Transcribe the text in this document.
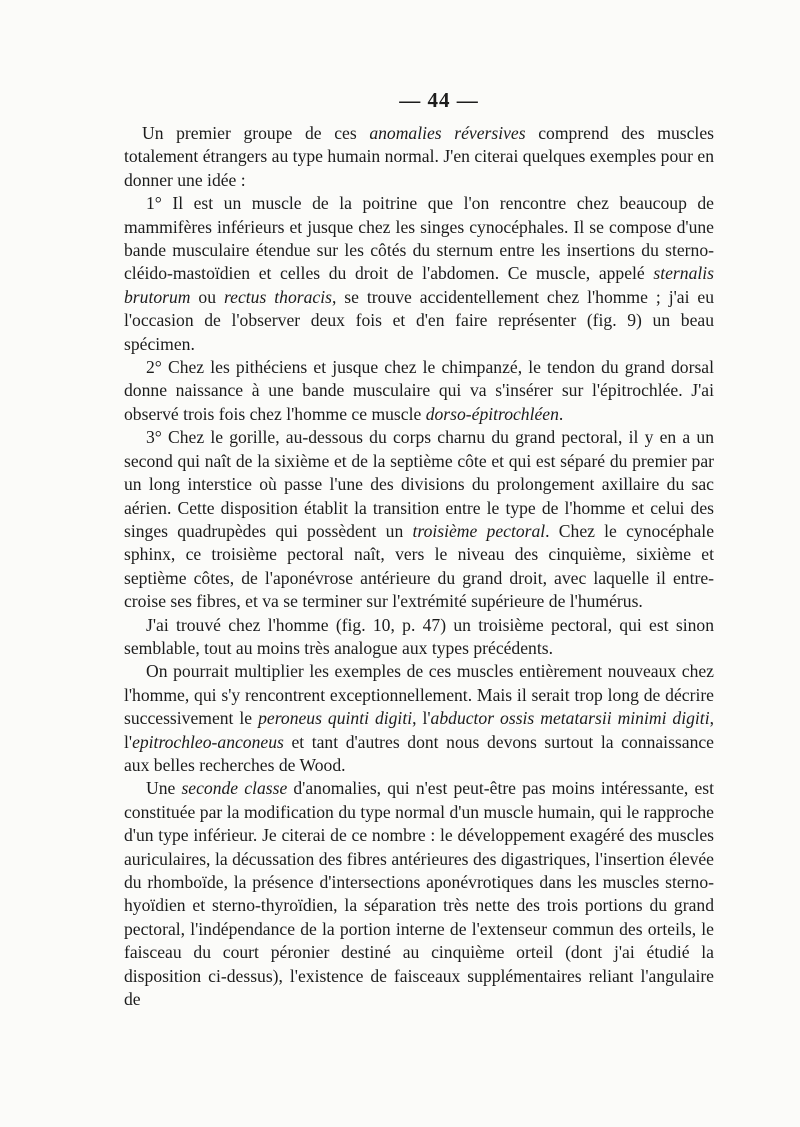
— 44 —

Un premier groupe de ces anomalies réversives comprend des muscles totalement étrangers au type humain normal. J'en citerai quelques exemples pour en donner une idée :

1° Il est un muscle de la poitrine que l'on rencontre chez beaucoup de mammifères inférieurs et jusque chez les singes cynocéphales. Il se compose d'une bande musculaire étendue sur les côtés du sternum entre les insertions du sterno-cléido-mastoïdien et celles du droit de l'abdomen. Ce muscle, appelé sternalis brutorum ou rectus thoracis, se trouve accidentellement chez l'homme ; j'ai eu l'occasion de l'observer deux fois et d'en faire représenter (fig. 9) un beau spécimen.

2° Chez les pithéciens et jusque chez le chimpanzé, le tendon du grand dorsal donne naissance à une bande musculaire qui va s'insérer sur l'épitrochlée. J'ai observé trois fois chez l'homme ce muscle dorso-épitrochléen.

3° Chez le gorille, au-dessous du corps charnu du grand pectoral, il y en a un second qui naît de la sixième et de la septième côte et qui est séparé du premier par un long interstice où passe l'une des divisions du prolongement axillaire du sac aérien. Cette disposition établit la transition entre le type de l'homme et celui des singes quadrupèdes qui possèdent un troisième pectoral. Chez le cynocéphale sphinx, ce troisième pectoral naît, vers le niveau des cinquième, sixième et septième côtes, de l'aponévrose antérieure du grand droit, avec laquelle il entre-croise ses fibres, et va se terminer sur l'extrémité supérieure de l'humérus.

J'ai trouvé chez l'homme (fig. 10, p. 47) un troisième pectoral, qui est sinon semblable, tout au moins très analogue aux types précédents.

On pourrait multiplier les exemples de ces muscles entièrement nouveaux chez l'homme, qui s'y rencontrent exceptionnellement. Mais il serait trop long de décrire successivement le peroneus quinti digiti, l'abductor ossis metatarsii minimi digiti, l'epitrochleo-anconeus et tant d'autres dont nous devons surtout la connaissance aux belles recherches de Wood.

Une seconde classe d'anomalies, qui n'est peut-être pas moins intéressante, est constituée par la modification du type normal d'un muscle humain, qui le rapproche d'un type inférieur. Je citerai de ce nombre : le développement exagéré des muscles auriculaires, la décussation des fibres antérieures des digastriques, l'insertion élevée du rhomboïde, la présence d'intersections aponévrotiques dans les muscles sterno-hyoïdien et sterno-thyroïdien, la séparation très nette des trois portions du grand pectoral, l'indépendance de la portion interne de l'extenseur commun des orteils, le faisceau du court péronier destiné au cinquième orteil (dont j'ai étudié la disposition ci-dessus), l'existence de faisceaux supplémentaires reliant l'angulaire de
